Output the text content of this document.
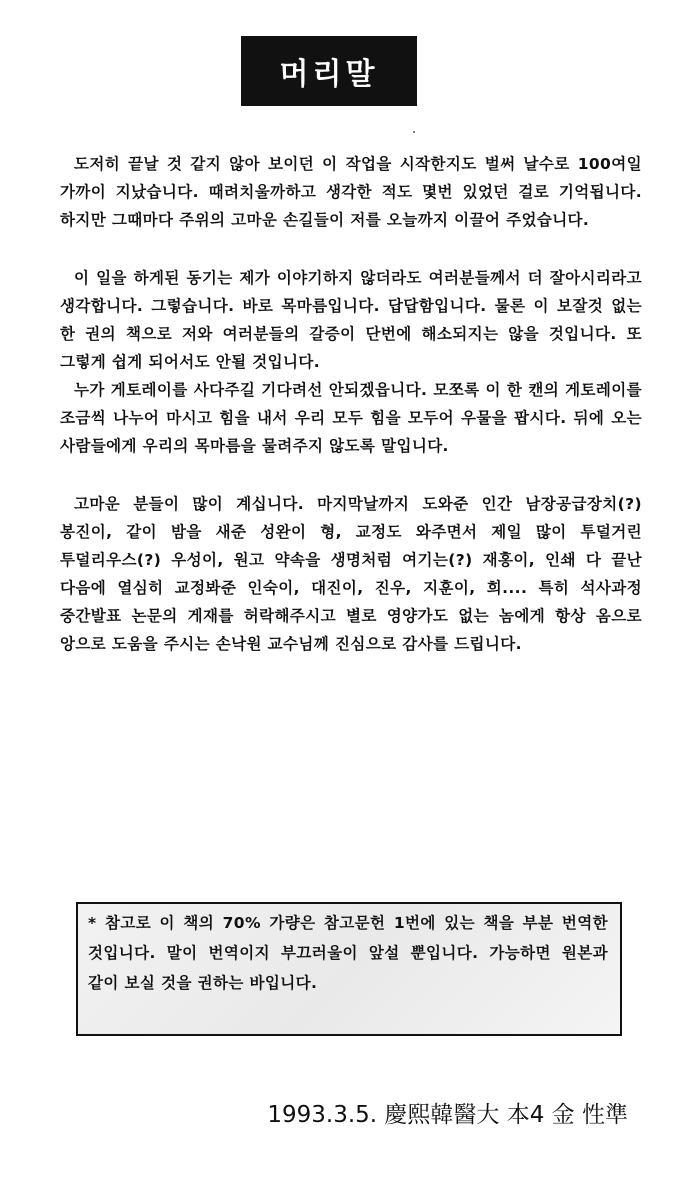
머리말

도저히 끝날 것 같지 않아 보이던 이 작업을 시작한지도 벌써 날수로 100여일 가까이 지났습니다. 때려치울까하고 생각한 적도 몇번 있었던 걸로 기억됩니다. 하지만 그때마다 주위의 고마운 손길들이 저를 오늘까지 이끌어 주었습니다.

이 일을 하게된 동기는 제가 이야기하지 않더라도 여러분들께서 더 잘아시리라고 생각합니다. 그렇습니다. 바로 목마름입니다. 답답함입니다. 물론 이 보잘것 없는 한 권의 책으로 저와 여러분들의 갈증이 단번에 해소되지는 않을 것입니다. 또 그렇게 쉽게 되어서도 안될 것입니다.

누가 게토레이를 사다주길 기다려선 안되겠읍니다. 모쪼록 이 한 캔의 게토레이를 조금씩 나누어 마시고 힘을 내서 우리 모두 힘을 모두어 우물을 팝시다. 뒤에 오는 사람들에게 우리의 목마름을 물려주지 않도록 말입니다.

고마운 분들이 많이 계십니다. 마지막날까지 도와준 인간 남장공급장치(?) 봉진이, 같이 밤을 새준 성완이 형, 교정도 와주면서 제일 많이 투덜거린 투덜리우스(?) 우성이, 원고 약속을 생명처럼 여기는(?) 재홍이, 인쇄 다 끝난 다음에 열심히 교정봐준 인숙이, 대진이, 진우, 지훈이, 희.... 특히 석사과정 중간발표 논문의 게재를 허락해주시고 별로 영양가도 없는 놈에게 항상 옴으로 앙으로 도움을 주시는 손낙원 교수님께 진심으로 감사를 드립니다.

* 참고로 이 책의 70% 가량은 참고문헌 1번에 있는 책을 부분 번역한 것입니다. 말이 번역이지 부끄러울이 앞설 뿐입니다. 가능하면 원본과 같이 보실 것을 권하는 바입니다.

1993.3.5. 慶熙韓醫大 本4 金 性準
